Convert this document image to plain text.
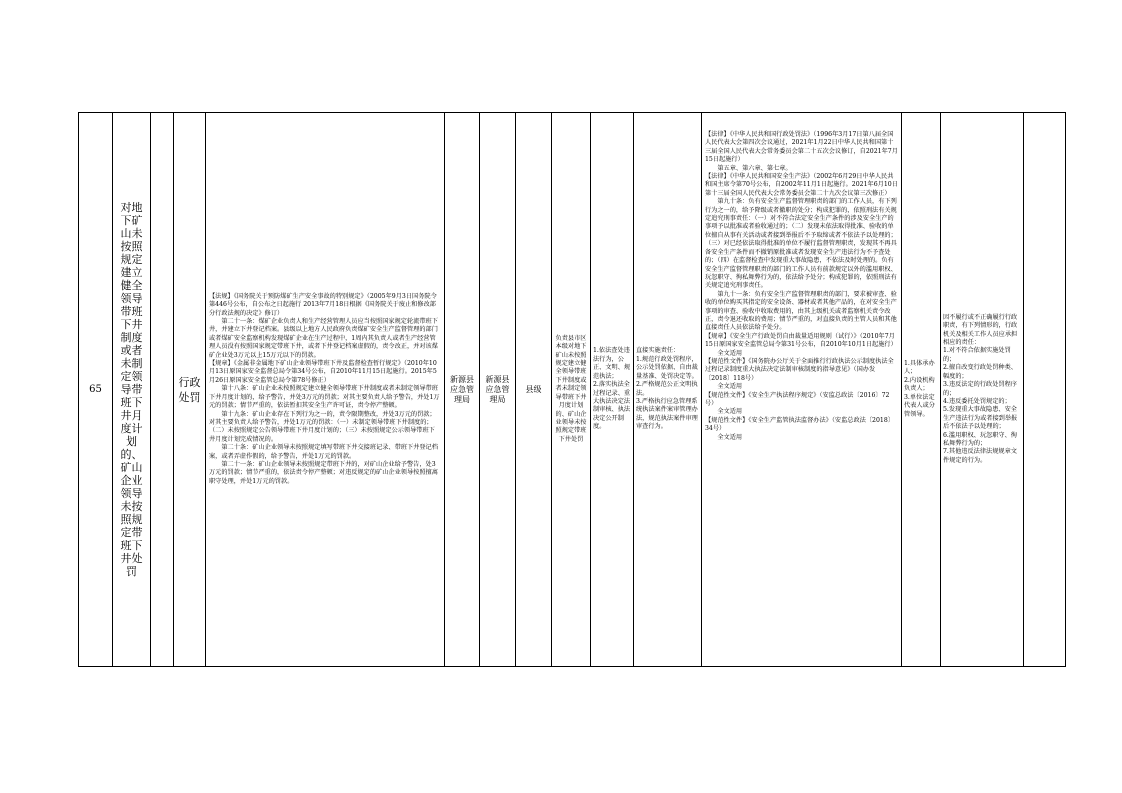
65	对地下矿山未按照规定建立健全领导带班下井制度或者未制定领导带班下井月度计划的、矿山企业领导未按照规定带班下井处罚		行政处罚	【法规】《国务院关于预防煤矿生产安全事故的特别规定》（2005年9月3日国务院令第446号公布，自公布之日起施行 2013年7月18日根据《国务院关于废止和修改部分行政法规的决定》修订）
　　第二十一条：煤矿企业负责人和生产经营管理人员应当按照国家规定轮流带班下井，并建立下井登记档案。县级以上地方人民政府负责煤矿安全生产监督管理的部门或者煤矿安全监察机构发现煤矿企业在生产过程中，1周内其负责人或者生产经营管理人员没有按照国家规定带班下井，或者下井登记档案虚假的，责令改正，并对该煤矿企业处3万元以上15万元以下的罚款。
【规章】《金属非金属地下矿山企业领导带班下井及监督检查暂行规定》（2010年10月13日原国家安全监督总局令第34号公布，自2010年11月15日起施行。2015年5月26日原国家安全监管总局令第78号修正）
　　第十八条：矿山企业未按照规定建立健全领导带班下井制度或者未制定领导带班下井月度计划的，给予警告，并处3万元的罚款；对其主要负责人给予警告，并处1万元的罚款；情节严重的，依法暂扣其安全生产许可证，责令停产整顿。
　　第十九条：矿山企业存在下列行为之一的，责令限期整改，并处3万元的罚款；对其主要负责人给予警告，并处1万元的罚款：（一）未制定领导带班下井制度的；（二）未按照规定公告领导带班下井月度计划的；（三）未按照规定公示领导带班下井月度计划完成情况的。
　　第二十条：矿山企业领导未按照规定填写带班下井交接班记录、带班下井登记档案，或者弄虚作假的，给予警告，并处1万元的罚款。
　　第二十一条：矿山企业领导未按照规定带班下井的，对矿山企业给予警告，处3万元的罚款；情节严重的，依法责令停产整顿；对违反规定的矿山企业领导按照擅离职守处理，并处1万元的罚款。	新源县应急管理局	新源县应急管理局	县级	负责县市区本级对地下矿山未按照规定建立健全领导带班下井制度或者未制定领导带班下井月度计划的、矿山企业领导未按照规定带班下井处罚	1.依法查处违法行为，公正、文明、规范执法；
2.落实执法全过程记录、重大执法决定法制审核、执法决定公开制度。	直接实施责任：
1.规范行政处罚程序，公示处罚依据、自由裁量基准、处罚决定等。
2.严格规范公正文明执法。
3.严格执行应急管理系统执法案件案审管理办法，规范执法案件审理审查行为。	【法律】《中华人民共和国行政处罚法》（1996年3月17日第八届全国人民代表大会第四次会议通过，2021年1月22日中华人民共和国第十三届全国人民代表大会常务委员会第二十五次会议修订，自2021年7月15日起施行）
　　第五章、第六章、第七章。
【法律】《中华人民共和国安全生产法》（2002年6月29日中华人民共和国主席令第70号公布，自2002年11月1日起施行。2021年6月10日第十三届全国人民代表大会常务委员会第二十九次会议第三次修正）
　　第九十条：负有安全生产监督管理职责的部门的工作人员，有下列行为之一的，给予降级或者撤职的处分；构成犯罪的，依照刑法有关规定追究刑事责任：（一）对不符合法定安全生产条件的涉及安全生产的事项予以批准或者验收通过的；（二）发现未依法取得批准、验收的单位擅自从事有关活动或者接到举报后不予取缔或者不依法予以处理的；（三）对已经依法取得批准的单位不履行监督管理职责，发现其不再具备安全生产条件而不撤销原批准或者发现安全生产违法行为不予查处的；（四）在监督检查中发现重大事故隐患，不依法及时处理的。负有安全生产监督管理职责的部门的工作人员有前款规定以外的滥用职权、玩忽职守、徇私舞弊行为的，依法给予处分；构成犯罪的，依照刑法有关规定追究刑事责任。
　　第九十一条：负有安全生产监督管理职责的部门，要求被审查、验收的单位购买其指定的安全设备、器材或者其他产品的，在对安全生产事项的审查、验收中收取费用的，由其上级机关或者监察机关责令改正，责令退还收取的费用；情节严重的，对直接负责的主管人员和其他直接责任人员依法给予处分。
【规章】《安全生产行政处罚自由裁量适用规则（试行）》（2010年7月15日原国家安全监管总局令第31号公布，自2010年10月1日起施行）
　　全文适用
【规范性文件】《国务院办公厅关于全面推行行政执法公示制度执法全过程记录制度重大执法决定法制审核制度的指导意见》（国办发〔2018〕118号）
　　全文适用
【规范性文件】《安全生产执法程序规定》（安监总政法〔2016〕72号）
　　全文适用
【规范性文件】《安全生产监管执法监督办法》（安监总政法〔2018〕34号）
　　全文适用	1.具体承办人；
2.内设机构负责人；
3.单位法定代表人或分管领导。	因不履行或不正确履行行政职责，有下列情形的，行政机关及相关工作人员应承担相应的责任：
1.对不符合依据实施处罚的；
2.擅自改变行政处罚种类、幅度的；
3.违反法定的行政处罚程序的；
4.违反委托处罚规定的；
5.发现重大事故隐患、安全生产违法行为或者接到举报后不依法予以处理的；
6.滥用职权、玩忽职守、徇私舞弊行为的；
7.其他违反法律法规规章文件规定的行为。	
